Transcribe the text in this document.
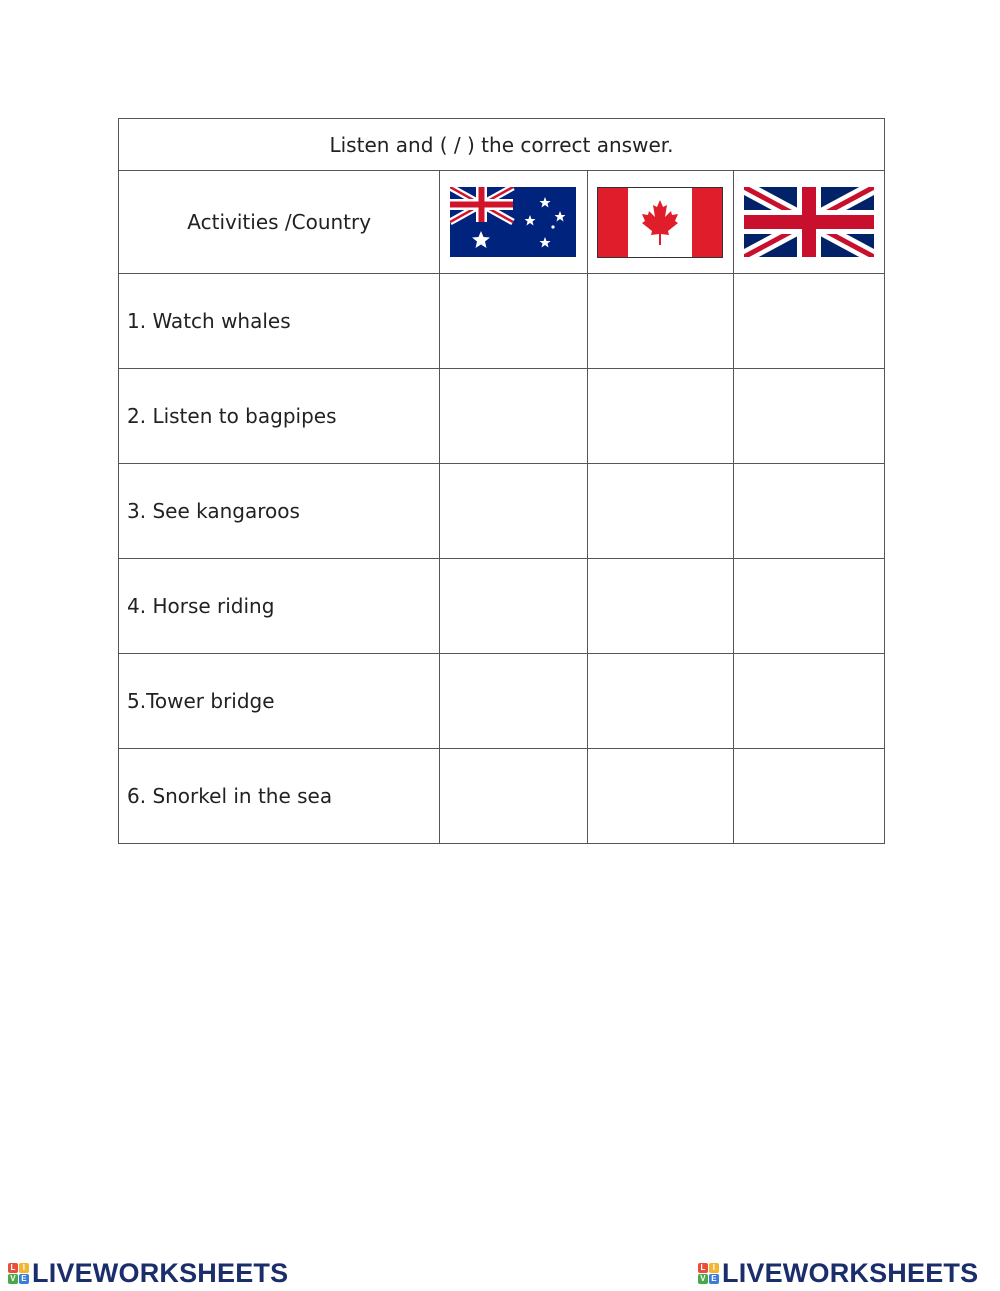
Listen and ( / ) the correct answer.			
Activities /Country			
1. Watch whales			
2. Listen to bagpipes			
3. See kangaroos			
4. Horse riding			
5.Tower bridge			
6. Snorkel in the sea			
L I
V E LIVEWORKSHEETS	L I
V E LIVEWORKSHEETS
